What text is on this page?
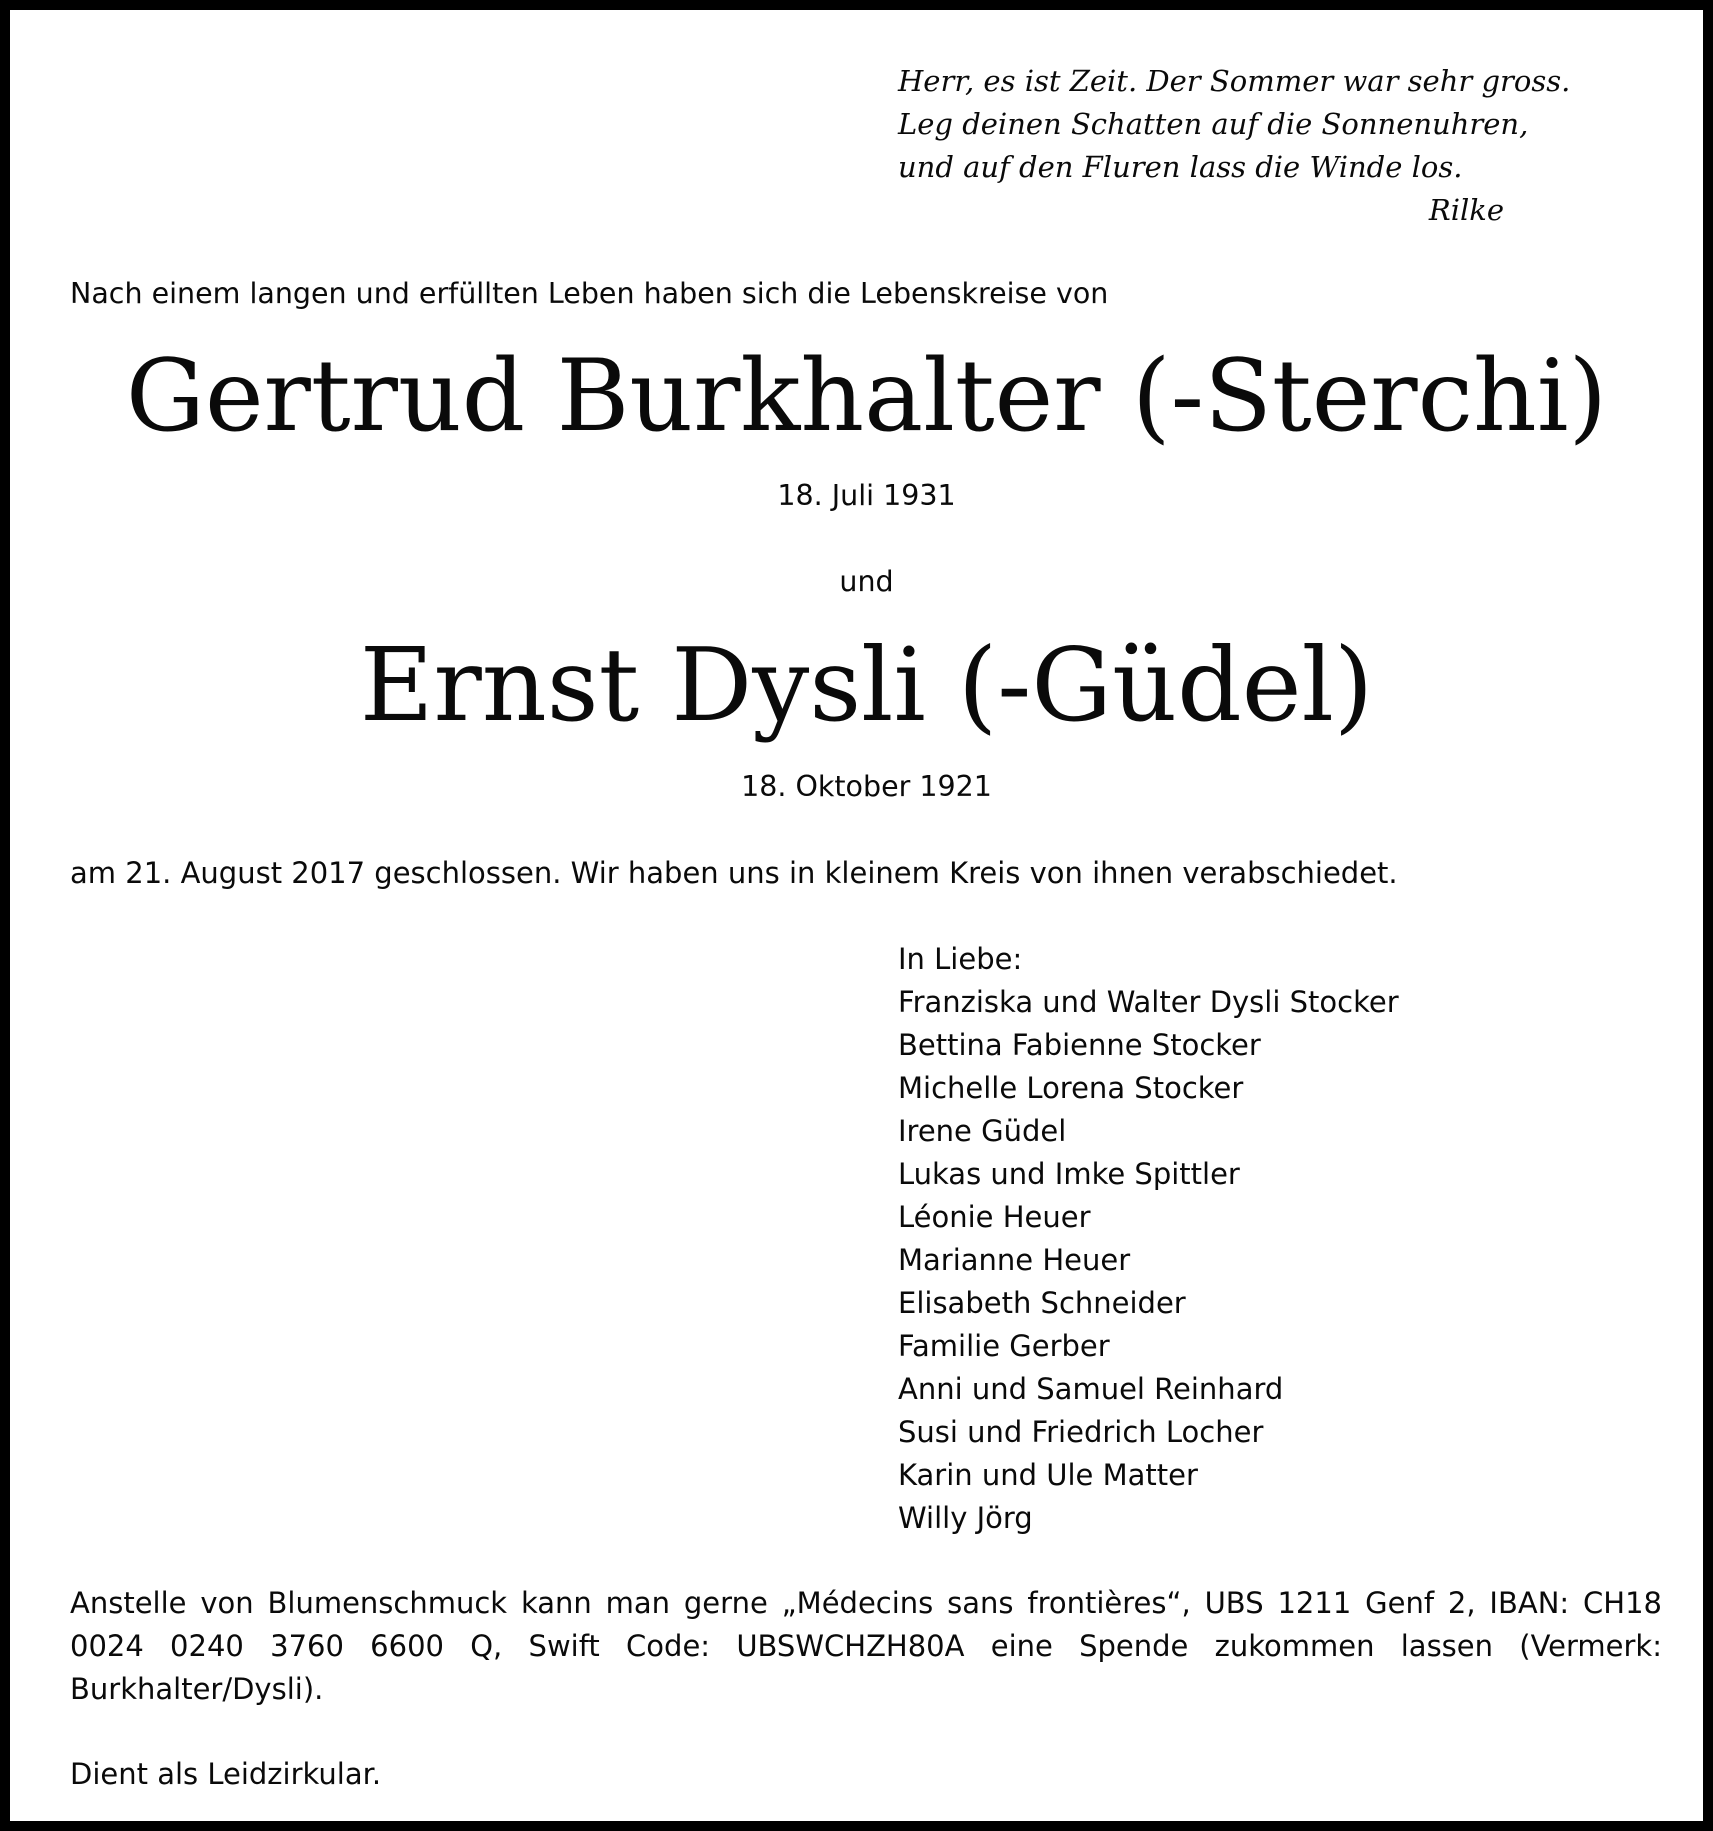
Herr, es ist Zeit. Der Sommer war sehr gross.
Leg deinen Schatten auf die Sonnenuhren,
und auf den Fluren lass die Winde los.
Rilke
Nach einem langen und erfüllten Leben haben sich die Lebenskreise von
Gertrud Burkhalter (-Sterchi)
18. Juli 1931
und
Ernst Dysli (-Güdel)
18. Oktober 1921
am 21. August 2017 geschlossen. Wir haben uns in kleinem Kreis von ihnen verabschiedet.
In Liebe:
Franziska und Walter Dysli Stocker
Bettina Fabienne Stocker
Michelle Lorena Stocker
Irene Güdel
Lukas und Imke Spittler
Léonie Heuer
Marianne Heuer
Elisabeth Schneider
Familie Gerber
Anni und Samuel Reinhard
Susi und Friedrich Locher
Karin und Ule Matter
Willy Jörg
Anstelle von Blumenschmuck kann man gerne „Médecins sans frontières“, UBS 1211 Genf 2, IBAN: CH18 0024 0240 3760 6600 Q, Swift Code: UBSWCHZH80A eine Spende zukommen lassen (Vermerk: Burkhalter/Dysli).
Dient als Leidzirkular.
